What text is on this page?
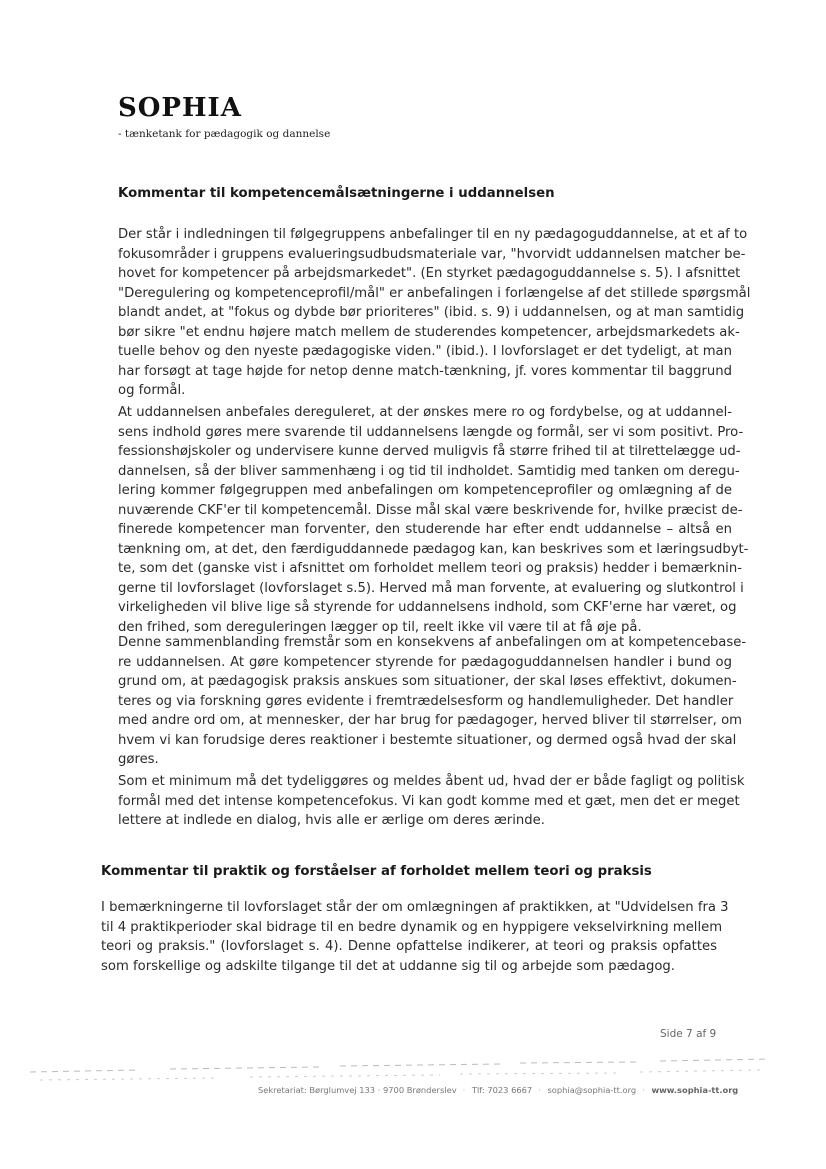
SOPHIA
- tænketank for pædagogik og dannelse
Kommentar til kompetencemålsætningerne i uddannelsen
Der står i indledningen til følgegruppens anbefalinger til en ny pædagoguddannelse, at et af to
fokusområder i gruppens evalueringsudbudsmateriale var, "hvorvidt uddannelsen matcher be-
hovet for kompetencer på arbejdsmarkedet". (En styrket pædagoguddannelse s. 5). I afsnittet
"Deregulering og kompetenceprofil/mål" er anbefalingen i forlængelse af det stillede spørgsmål
blandt andet, at "fokus og dybde bør prioriteres" (ibid. s. 9) i uddannelsen, og at man samtidig
bør sikre "et endnu højere match mellem de studerendes kompetencer, arbejdsmarkedets ak-
tuelle behov og den nyeste pædagogiske viden." (ibid.). I lovforslaget er det tydeligt, at man
har forsøgt at tage højde for netop denne match-tænkning, jf. vores kommentar til baggrund
og formål.
At uddannelsen anbefales dereguleret, at der ønskes mere ro og fordybelse, og at uddannel-
sens indhold gøres mere svarende til uddannelsens længde og formål, ser vi som positivt. Pro-
fessionshøjskoler og undervisere kunne derved muligvis få større frihed til at tilrettelægge ud-
dannelsen, så der bliver sammenhæng i og tid til indholdet. Samtidig med tanken om deregu-
lering kommer følgegruppen med anbefalingen om kompetenceprofiler og omlægning af de
nuværende CKF'er til kompetencemål. Disse mål skal være beskrivende for, hvilke præcist de-
finerede kompetencer man forventer, den studerende har efter endt uddannelse – altså en
tænkning om, at det, den færdiguddannede pædagog kan, kan beskrives som et læringsudbyt-
te, som det (ganske vist i afsnittet om forholdet mellem teori og praksis) hedder i bemærknin-
gerne til lovforslaget (lovforslaget s.5). Herved må man forvente, at evaluering og slutkontrol i
virkeligheden vil blive lige så styrende for uddannelsens indhold, som CKF'erne har været, og
den frihed, som dereguleringen lægger op til, reelt ikke vil være til at få øje på.
Denne sammenblanding fremstår som en konsekvens af anbefalingen om at kompetencebase-
re uddannelsen. At gøre kompetencer styrende for pædagoguddannelsen handler i bund og
grund om, at pædagogisk praksis anskues som situationer, der skal løses effektivt, dokumen-
teres og via forskning gøres evidente i fremtrædelsesform og handlemuligheder. Det handler
med andre ord om, at mennesker, der har brug for pædagoger, herved bliver til størrelser, om
hvem vi kan forudsige deres reaktioner i bestemte situationer, og dermed også hvad der skal
gøres.
Som et minimum må det tydeliggøres og meldes åbent ud, hvad der er både fagligt og politisk
formål med det intense kompetencefokus. Vi kan godt komme med et gæt, men det er meget
lettere at indlede en dialog, hvis alle er ærlige om deres ærinde.
Kommentar til praktik og forståelser af forholdet mellem teori og praksis
I bemærkningerne til lovforslaget står der om omlægningen af praktikken, at "Udvidelsen fra 3
til 4 praktikperioder skal bidrage til en bedre dynamik og en hyppigere vekselvirkning mellem
teori og praksis." (lovforslaget s. 4). Denne opfattelse indikerer, at teori og praksis opfattes
som forskellige og adskilte tilgange til det at uddanne sig til og arbejde som pædagog.
Side 7 af 9
Sekretariat: Børglumvej 133 · 9700 Brønderslev · Tlf: 7023 6667 · sophia@sophia-tt.org · www.sophia-tt.org
